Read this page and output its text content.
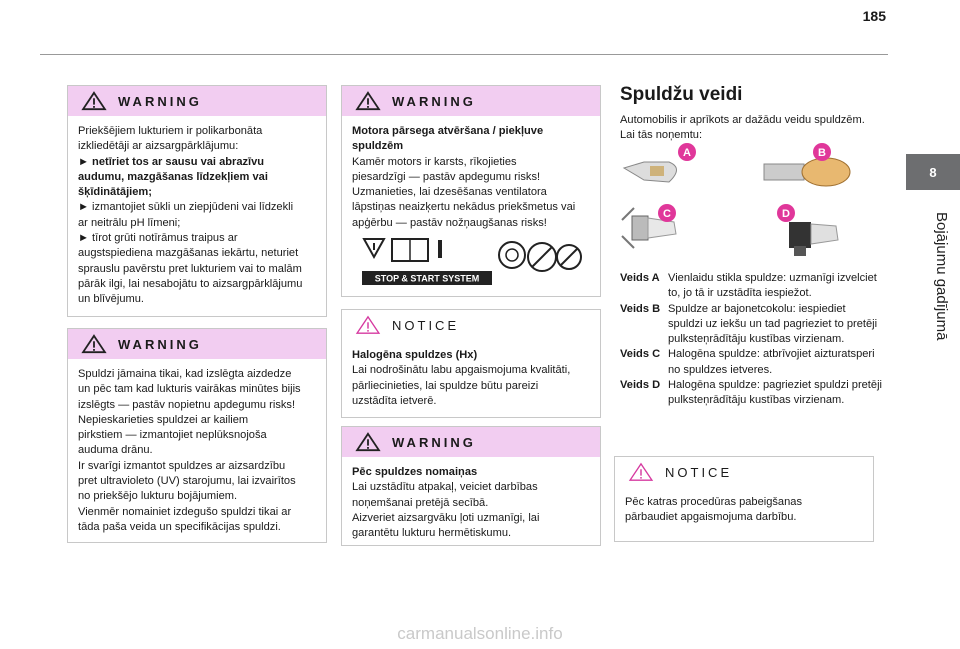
185
8
Bojājumu gadījumā
WARNING

Priekšējiem lukturiem ir polikarbonāta

izkliedētāji ar aizsargpārklājumu:

► netīriet tos ar sausu vai abrazīvu

audumu, mazgāšanas līdzekļiem vai

šķīdinātājiem;

► izmantojiet sūkli un ziepjūdeni vai līdzekli

ar neitrālu pH līmeni;

► tīrot grūti notīrāmus traipus ar

augstspiediena mazgāšanas iekārtu, neturiet

sprauslu pavērstu pret lukturiem vai to malām

pārāk ilgi, lai nesabojātu to aizsargpārklājumu

un blīvējumu.

WARNING

Spuldzi jāmaina tikai, kad izslēgta aizdedze

un pēc tam kad lukturis vairākas minūtes bijis

izslēgts — pastāv nopietnu apdegumu risks!

Nepieskarieties spuldzei ar kailiem

pirkstiem — izmantojiet neplūksnojoša

auduma drānu.

Ir svarīgi izmantot spuldzes ar aizsardzību

pret ultravioleto (UV) starojumu, lai izvairītos

no priekšējo lukturu bojājumiem.

Vienmēr nomainiet izdegušo spuldzi tikai ar

tāda paša veida un specifikācijas spuldzi.

WARNING

Motora pārsega atvēršana / piekļuve

spuldzēm

Kamēr motors ir karsts, rīkojieties

piesardzīgi — pastāv apdegumu risks!

Uzmanieties, lai dzesēšanas ventilatora

lāpstiņas neaizķertu nekādus priekšmetus vai

apģērbu — pastāv nožņaugšanas risks!

STOP & START SYSTEM
NOTICE

Halogēna spuldzes (Hx)

Lai nodrošinātu labu apgaismojuma kvalitāti,

pārliecinieties, lai spuldze būtu pareizi

uzstādīta ietverē.

WARNING

Pēc spuldzes nomaiņas

Lai uzstādītu atpakaļ, veiciet darbības

noņemšanai pretējā secībā.

Aizveriet aizsargvāku ļoti uzmanīgi, lai

garantētu lukturu hermētiskumu.

Spuldžu veidi
Automobilis ir aprīkots ar dažādu veidu spuldzēm. Lai tās noņemtu:
A	B
C	D
Veids A Vienlaidu stikla spuldze: uzmanīgi izvelciet to, jo tā ir uzstādīta iespiežot.
Veids B Spuldze ar bajonetcokolu: iespiediet spuldzi uz iekšu un tad pagrieziet to pretēji pulksteņrādītāju kustības virzienam.
Veids C Halogēna spuldze: atbrīvojiet aizturatsperi no spuldzes ietveres.
Veids D Halogēna spuldze: pagrieziet spuldzi pretēji pulksteņrādītāju kustības virzienam.
NOTICE

Pēc katras procedūras pabeigšanas

pārbaudiet apgaismojuma darbību.

carmanualsonline.info
